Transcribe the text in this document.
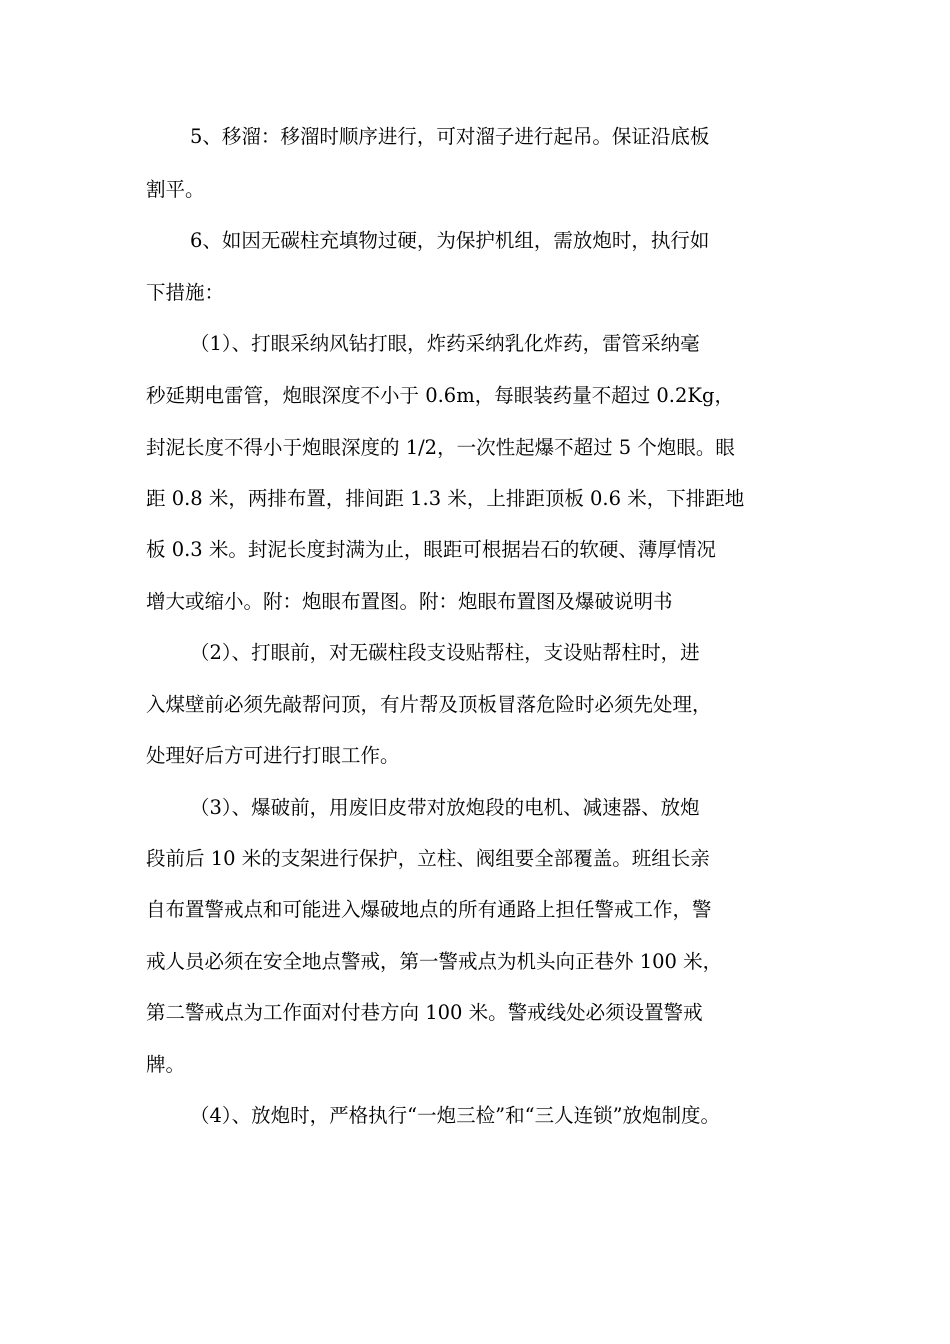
5、移溜：移溜时顺序进行，可对溜子进行起吊。保证沿底板
割平。
6、如因无碳柱充填物过硬，为保护机组，需放炮时，执行如
下措施：
（1）、打眼采纳风钻打眼，炸药采纳乳化炸药，雷管采纳毫
秒延期电雷管，炮眼深度不小于 0.6m，每眼装药量不超过 0.2Kg，
封泥长度不得小于炮眼深度的 1/2，一次性起爆不超过 5 个炮眼。眼
距 0.8 米，两排布置，排间距 1.3 米，上排距顶板 0.6 米，下排距地
板 0.3 米。封泥长度封满为止，眼距可根据岩石的软硬、薄厚情况
增大或缩小。附：炮眼布置图。附：炮眼布置图及爆破说明书
（2）、打眼前，对无碳柱段支设贴帮柱，支设贴帮柱时，进
入煤壁前必须先敲帮问顶，有片帮及顶板冒落危险时必须先处理，
处理好后方可进行打眼工作。
（3）、爆破前，用废旧皮带对放炮段的电机、减速器、放炮
段前后 10 米的支架进行保护，立柱、阀组要全部覆盖。班组长亲
自布置警戒点和可能进入爆破地点的所有通路上担任警戒工作，警
戒人员必须在安全地点警戒，第一警戒点为机头向正巷外 100 米，
第二警戒点为工作面对付巷方向 100 米。警戒线处必须设置警戒
牌。
（4）、放炮时，严格执行“一炮三检”和“三人连锁”放炮制度。
